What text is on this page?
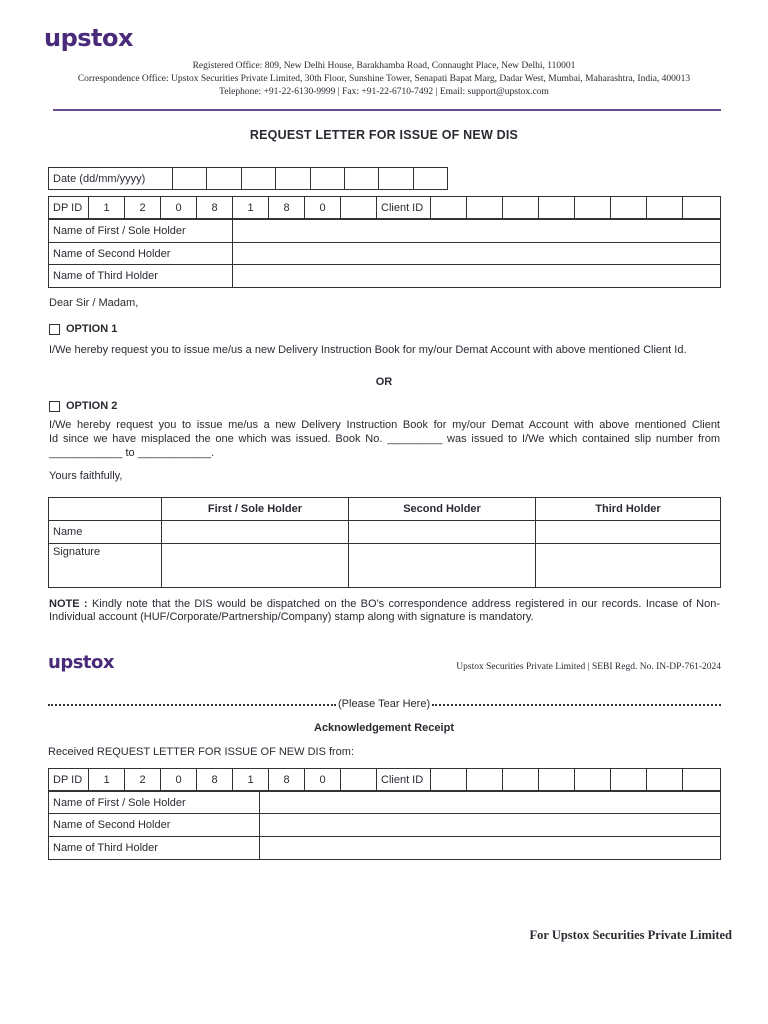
upstox
Registered Office: 809, New Delhi House, Barakhamba Road, Connaught Place, New Delhi, 110001
Correspondence Office: Upstox Securities Private Limited, 30th Floor, Sunshine Tower, Senapati Bapat Marg, Dadar West, Mumbai, Maharashtra, India, 400013
Telephone: +91-22-6130-9999 | Fax: +91-22-6710-7492 | Email: support@upstox.com
REQUEST LETTER FOR ISSUE OF NEW DIS
Date (dd/mm/yyyy)								
DP ID	1	2	0	8	1	8	0		Client ID								
Name of First / Sole Holder	
Name of Second Holder	
Name of Third Holder	
Dear Sir / Madam,
OPTION 1
I/We hereby request you to issue me/us a new Delivery Instruction Book for my/our Demat Account with above mentioned Client Id.
OR
OPTION 2
I/We hereby request you to issue me/us a new Delivery Instruction Book for my/our Demat Account with above mentioned Client
Id since we have misplaced the one which was issued. Book No. _________ was issued to I/We which contained slip number from
____________ to ____________.
Yours faithfully,
	First / Sole Holder	Second Holder	Third Holder
Name			
Signature			
NOTE : Kindly note that the DIS would be dispatched on the BO's correspondence address registered in our records. Incase of Non-
Individual account (HUF/Corporate/Partnership/Company) stamp along with signature is mandatory.
upstox	Upstox Securities Private Limited | SEBI Regd. No. IN-DP-761-2024
(Please Tear Here)
Acknowledgement Receipt
Received REQUEST LETTER FOR ISSUE OF NEW DIS from:
DP ID	1	2	0	8	1	8	0		Client ID								
Name of First / Sole Holder	
Name of Second Holder	
Name of Third Holder	
For Upstox Securities Private Limited
